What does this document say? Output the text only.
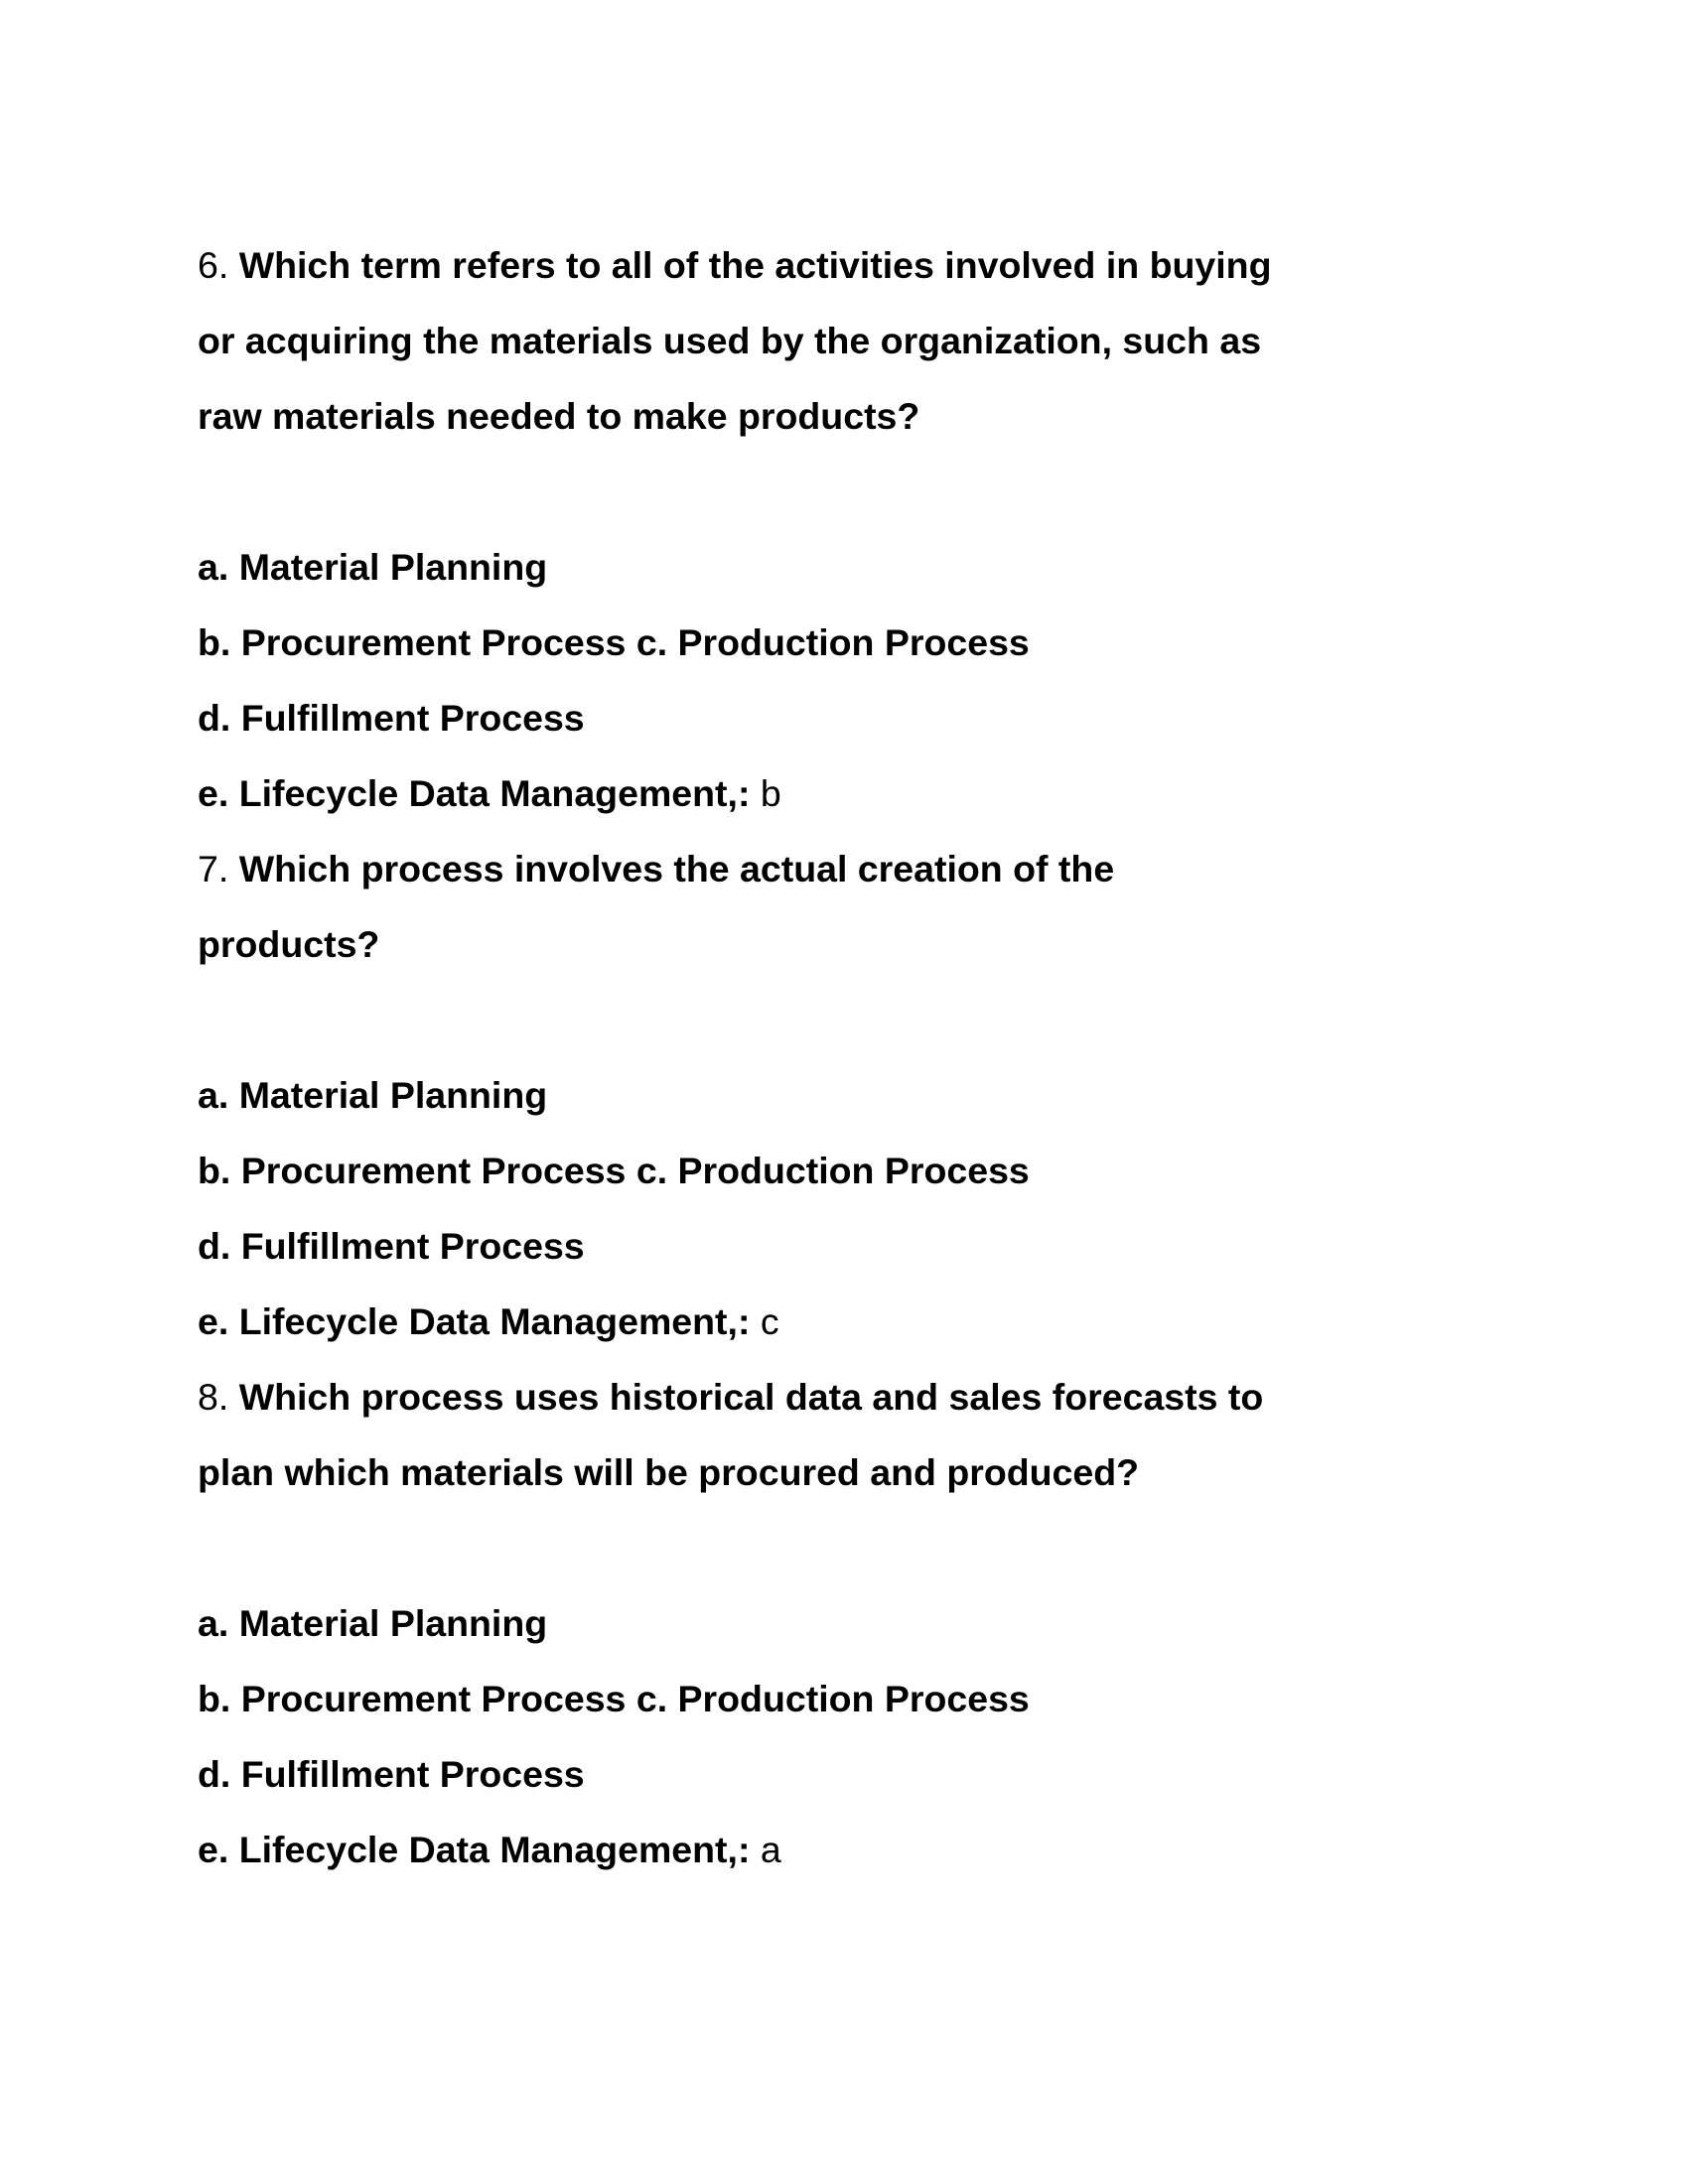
6. Which term refers to all of the activities involved in buying
or acquiring the materials used by the organization, such as
raw materials needed to make products?
a. Material Planning
b. Procurement Process c. Production Process
d. Fulfillment Process
e. Lifecycle Data Management,: b
7. Which process involves the actual creation of the
products?
a. Material Planning
b. Procurement Process c. Production Process
d. Fulfillment Process
e. Lifecycle Data Management,: c
8. Which process uses historical data and sales forecasts to
plan which materials will be procured and produced?
a. Material Planning
b. Procurement Process c. Production Process
d. Fulfillment Process
e. Lifecycle Data Management,: a
